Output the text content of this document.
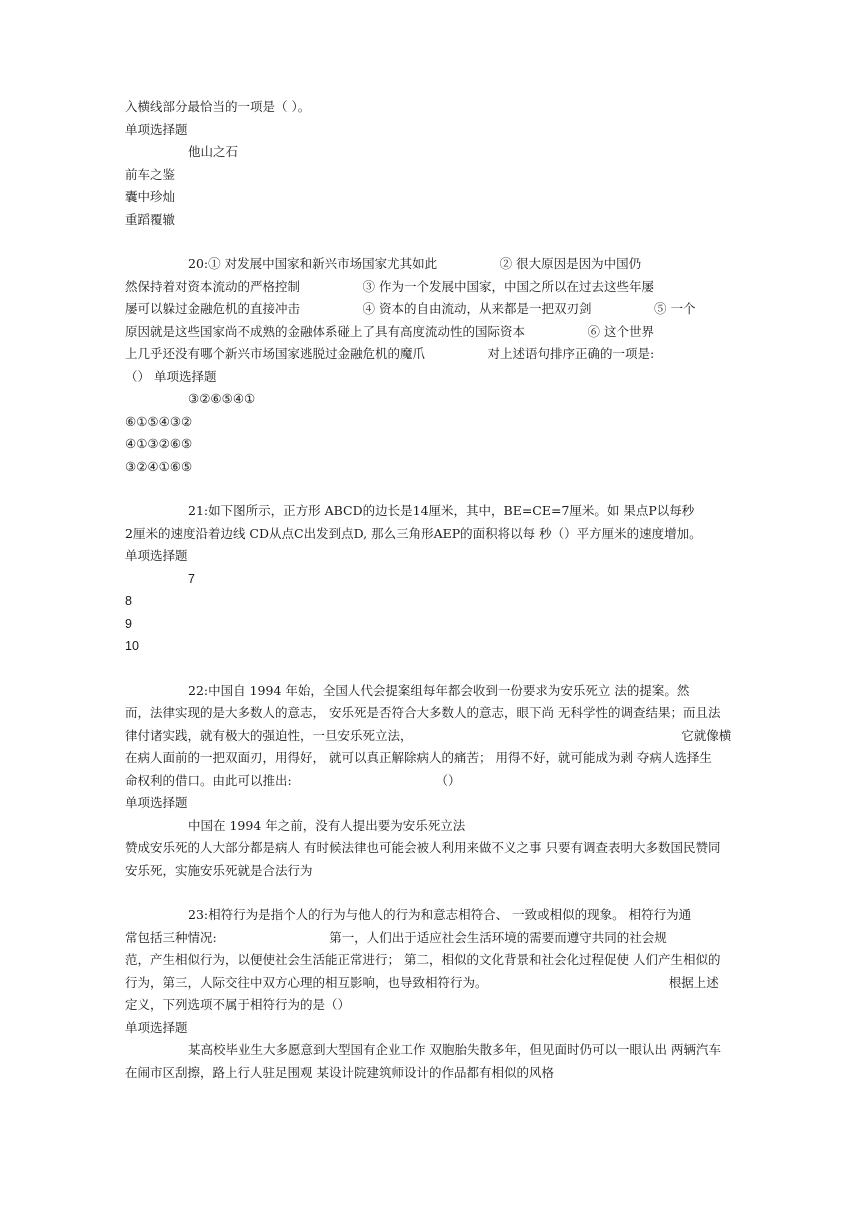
入横线部分最恰当的一项是（ ）。
单项选择题
他山之石
前车之鉴
囊中珍灿
重蹈覆辙
20:① 对发展中国家和新兴市场国家尤其如此　　　　　② 很大原因是因为中国仍
然保持着对资本流动的严格控制　　　　　③ 作为一个发展中国家，中国之所以在过去这些年屡
屡可以躲过金融危机的直接冲击　　　　　④ 资本的自由流动，从来都是一把双刃剑　　　　　⑤ 一个
原因就是这些国家尚不成熟的金融体系碰上了具有高度流动性的国际资本　　　　　⑥ 这个世界
上几乎还没有哪个新兴市场国家逃脱过金融危机的魔爪　　　　　对上述语句排序正确的一项是:
（） 单项选择题
③②⑥⑤④①
⑥①⑤④③②
④①③②⑥⑤
③②④①⑥⑤
21:如下图所示，正方形 ABCD的边长是14厘米，其中，BE=CE=7厘米。如 果点P以每秒
2厘米的速度沿着边线 CD从点C出发到点D, 那么三角形AEP的面积将以每 秒（）平方厘米的速度增加。
单项选择题
7
8
9
10
22:中国自 1994 年始，全国人代会提案组每年都会收到一份要求为安乐死立 法的提案。然
而，法律实现的是大多数人的意志， 安乐死是否符合大多数人的意志，眼下尚 无科学性的调查结果；而且法
律付诸实践，就有极大的强迫性，一旦安乐死立法，　　　　　　　　　　　　　　　　　　　　　　它就像横
在病人面前的一把双面刃，用得好， 就可以真正解除病人的痛苦； 用得不好，就可能成为剥 夺病人选择生
命权利的借口。由此可以推出:　　　　　　　　　　　　（）
单项选择题
中国在 1994 年之前，没有人提出要为安乐死立法
赞成安乐死的人大部分都是病人 有时候法律也可能会被人利用来做不义之事 只要有调查表明大多数国民赞同
安乐死，实施安乐死就是合法行为
23:相符行为是指个人的行为与他人的行为和意志相符合、 一致或相似的现象。 相符行为通
常包括三种情况:　　　　　　　　　第一，人们出于适应社会生活环境的需要而遵守共同的社会规
范，产生相似行为，以便使社会生活能正常进行； 第二，相似的文化背景和社会化过程促使 人们产生相似的
行为，第三，人际交往中双方心理的相互影响，也导致相符行为。　　　　　　　　　　　　　　　根据上述
定义，下列选项不属于相符行为的是（）
单项选择题
某高校毕业生大多愿意到大型国有企业工作 双胞胎失散多年，但见面时仍可以一眼认出 两辆汽车
在闹市区刮擦，路上行人驻足围观 某设计院建筑师设计的作品都有相似的风格
